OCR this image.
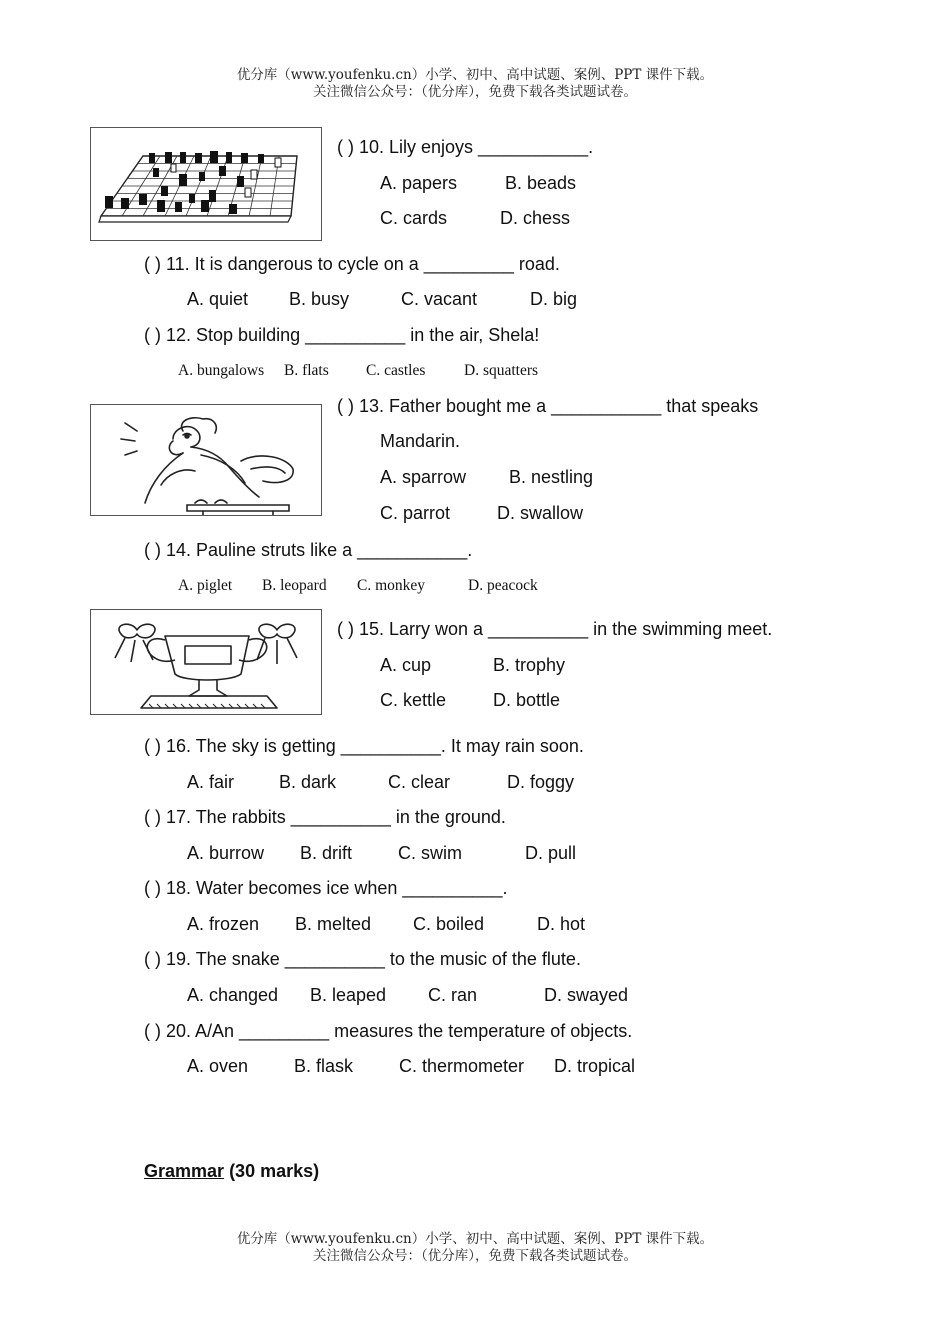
优分库（www.youfenku.cn）小学、初中、高中试题、案例、PPT 课件下载。
关注微信公众号：（优分库），免费下载各类试题试卷。
( ) 10. Lily enjoys ___________.
A. papers	B. beads
C. cards	D. chess
( ) 11. It is dangerous to cycle on a _________ road.
A. quiet B. busy	C. vacant	D. big
( ) 12. Stop building __________ in the air, Shela!
A. bungalows B. flats C. castles D. squatters
( ) 13. Father bought me a ___________ that speaks
Mandarin.
A. sparrow B. nestling
C. parrot	D. swallow
( ) 14. Pauline struts like a ___________.
A. piglet B. leopard C. monkey	D. peacock
( ) 15. Larry won a __________ in the swimming meet.
A. cup	B. trophy
C. kettle	D. bottle
( ) 16. The sky is getting __________. It may rain soon.
A. fair B. dark	C. clear	D. foggy
( ) 17. The rabbits __________ in the ground.
A. burrow B. drift	C. swim	D. pull
( ) 18. Water becomes ice when __________.
A. frozen B. melted C. boiled	D. hot
( ) 19. The snake __________ to the music of the flute.
A. changed B. leaped C. ran	D. swayed
( ) 20. A/An _________ measures the temperature of objects.
A. oven	B. flask	C. thermometer D. tropical
Grammar (30 marks)
优分库（www.youfenku.cn）小学、初中、高中试题、案例、PPT 课件下载。
关注微信公众号：（优分库），免费下载各类试题试卷。
